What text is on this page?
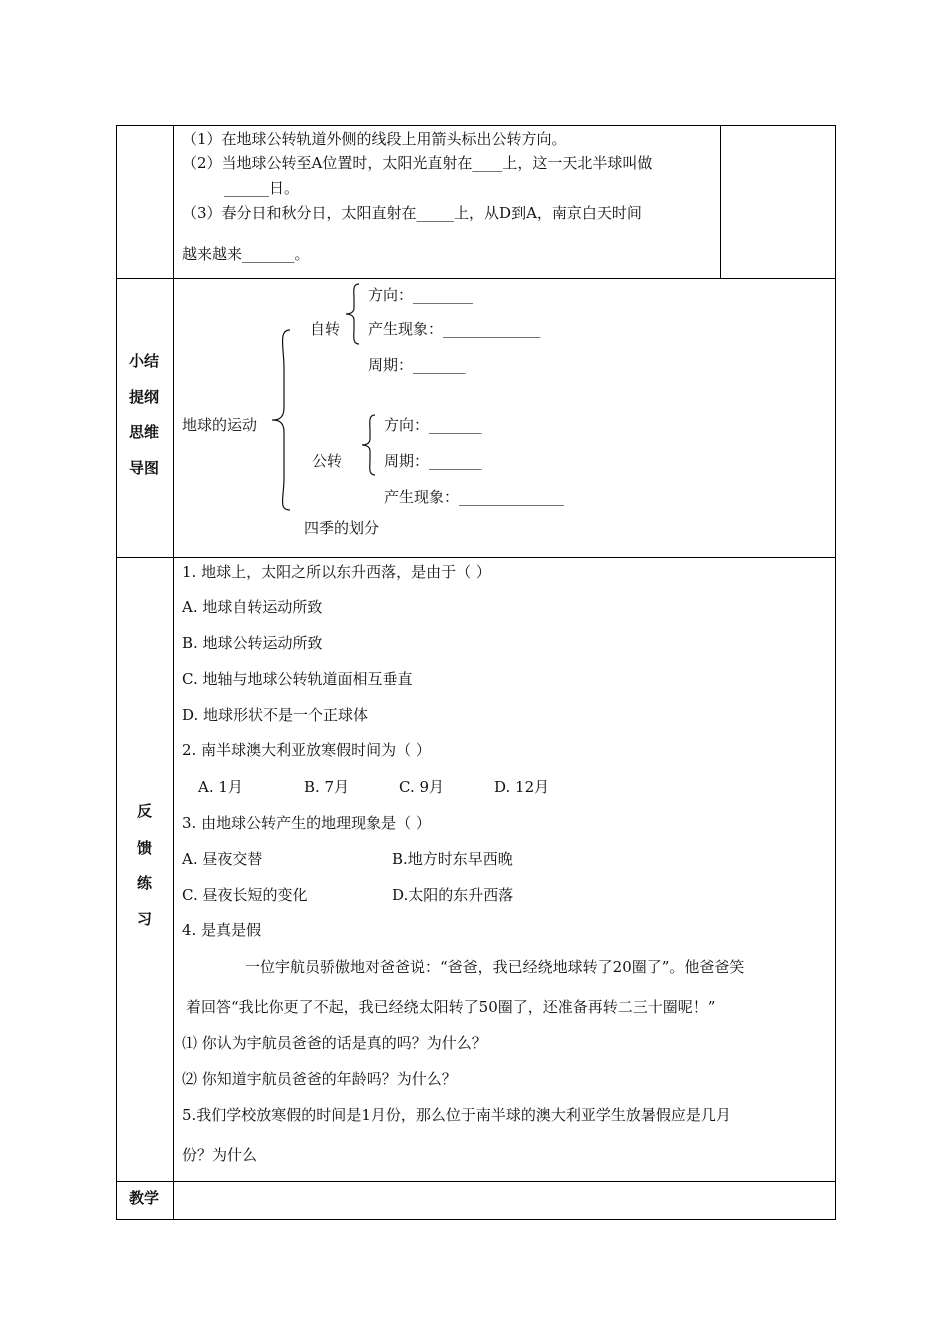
（1）在地球公转轨道外侧的线段上用箭头标出公转方向。
（2）当地球公转至A位置时，太阳光直射在____上，这一天北半球叫做
______日。
（3）春分日和秋分日，太阳直射在_____上，从D到A，南京白天时间
越来越来_______。
小结
提纲
思维
导图
地球的运动
自转
方向：________
产生现象：_____________
周期：_______
公转
方向：_______
周期：_______
产生现象：______________
四季的划分
反
馈
练
习
1. 地球上，太阳之所以东升西落，是由于（ ）
A. 地球自转运动所致
B. 地球公转运动所致
C. 地轴与地球公转轨道面相互垂直
D. 地球形状不是一个正球体
2. 南半球澳大利亚放寒假时间为（ ）
A. 1月	B. 7月	C. 9月	D. 12月
3. 由地球公转产生的地理现象是（ ）
A. 昼夜交替	B.地方时东早西晚
C. 昼夜长短的变化	D.太阳的东升西落
4. 是真是假
一位宇航员骄傲地对爸爸说：“爸爸，我已经绕地球转了20圈了”。他爸爸笑
着回答“我比你更了不起，我已经绕太阳转了50圈了，还准备再转二三十圈呢！”
⑴ 你认为宇航员爸爸的话是真的吗？为什么？
⑵ 你知道宇航员爸爸的年龄吗？为什么？
5.我们学校放寒假的时间是1月份，那么位于南半球的澳大利亚学生放暑假应是几月
份？为什么
教学
